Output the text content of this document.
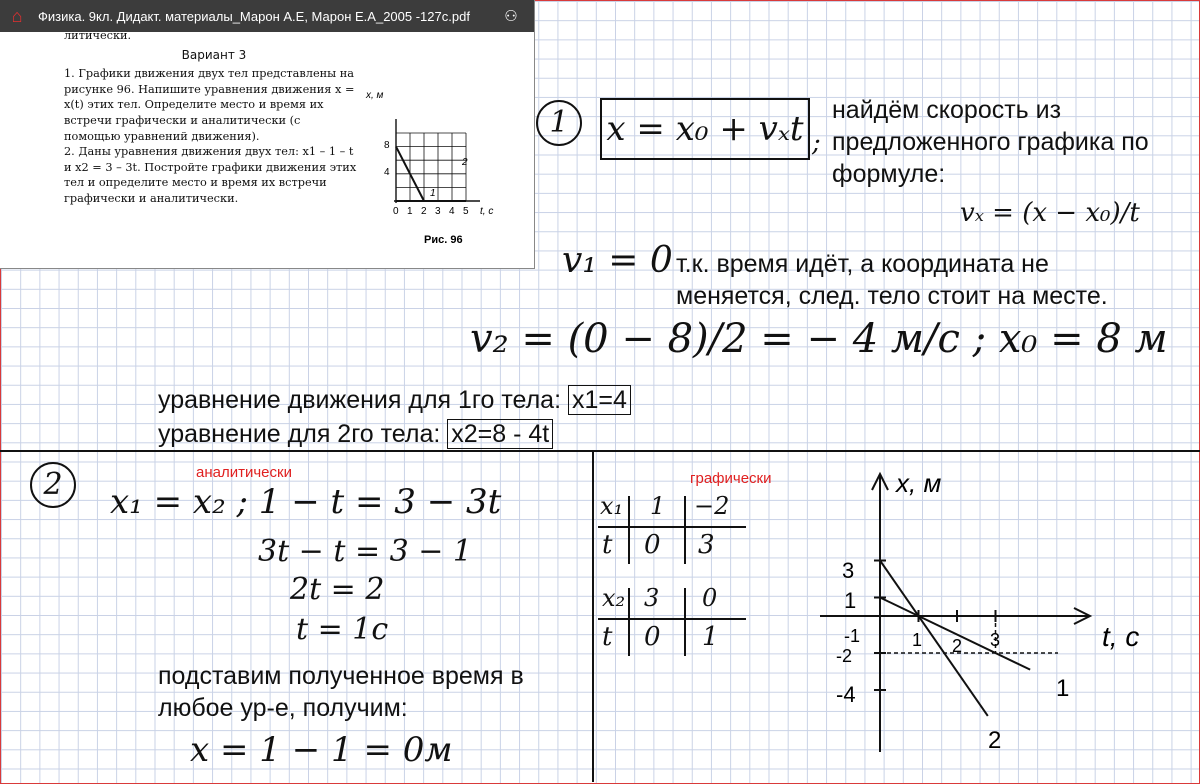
⌂	Физика. 9кл. Дидакт. материалы_Марон А.Е, Марон Е.А_2005 -127с.pdf	⚇

литически.

Вариант 3

1. Графики движения двух тел представлены на рисунке 96. Напишите уравнения движения x = x(t) этих тел. Определите место и время их встречи графически и аналитически (с помощью уравнений движения).

2. Даны уравнения движения двух тел: x1 – 1 – t и x2 = 3 – 3t. Постройте графики движения этих тел и определите место и время их встречи графически и аналитически.

x, м
8
4
0 1 2 3 4 5 t, с
1
2
Рис. 96
1	x = x₀ + vₓt ;
найдём скорость из предложенного графика по формуле:
vₓ = (x − x₀)/t
v₁ = 0 т.к. время идёт, а координата не меняется, след. тело стоит на месте.
v₂ = (0 − 8)/2 = − 4 м/с ; x₀ = 8 м
уравнение движения для 1го тела: x1=4
уравнение для 2го тела: x2=8 - 4t
2	аналитически
x₁ = x₂ ; 1 − t = 3 − 3t
3t − t = 3 − 1
2t = 2
t = 1с
подставим полученное время в любое ур-е, получим:
x = 1 − 1 = 0м
графически
x₁ 1 −2
t 0 3
x₂ 3 0
t 0 1
x, м
t, с
3
1
-1
-2
-4
1 2 3
1
2
